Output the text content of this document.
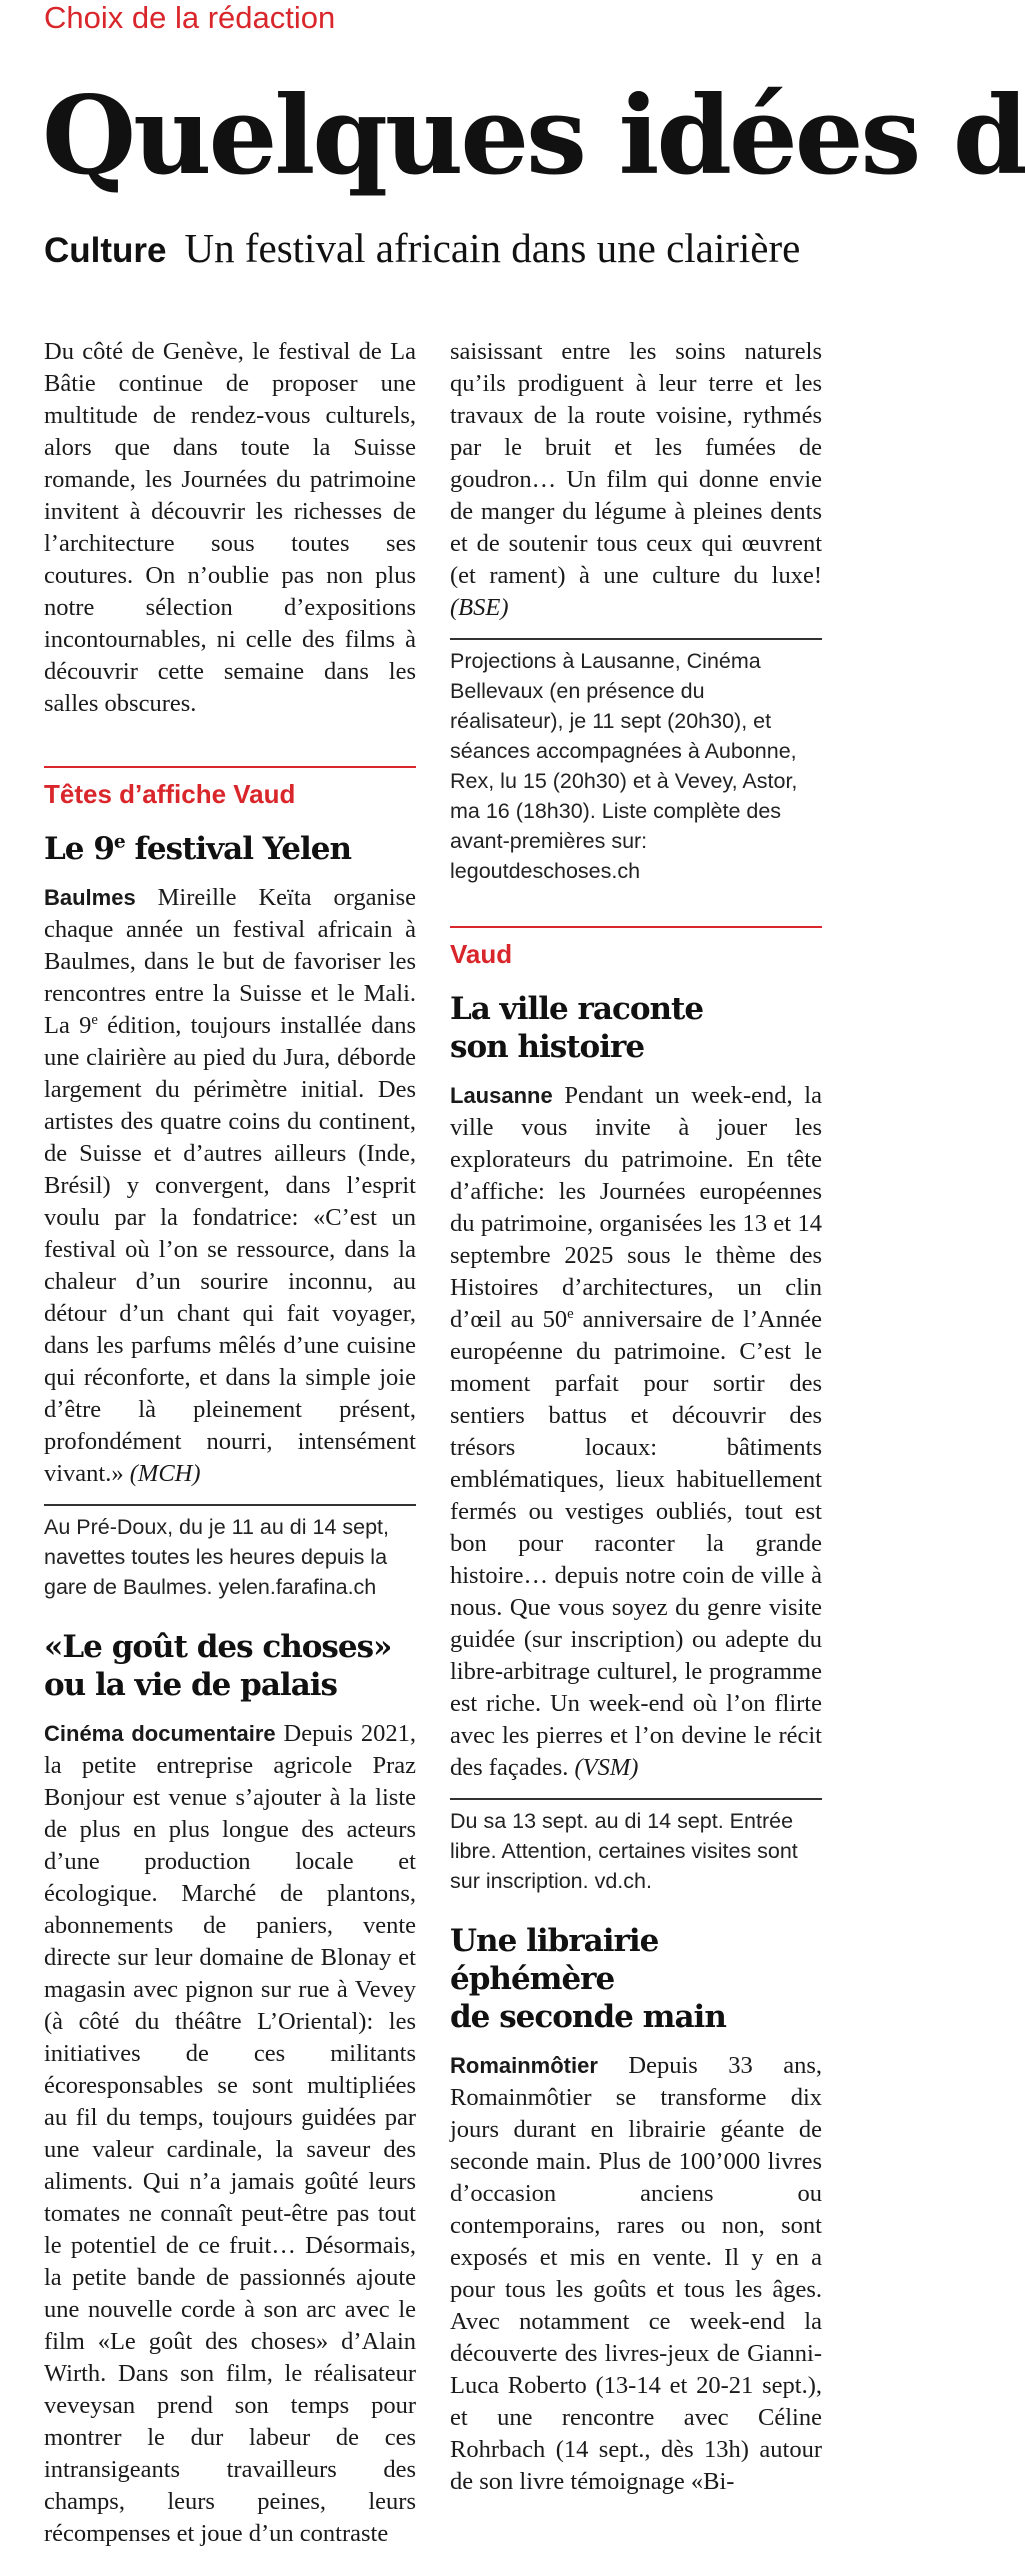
Choix de la rédaction
Quelques idées d
Culture Un festival africain dans une clairière

Du côté de Genève, le festival de La Bâtie continue de proposer une multitude de rendez-vous culturels, alors que dans toute la Suisse romande, les Journées du patrimoine invitent à découvrir les richesses de l’architecture sous toutes ses coutures. On n’oublie pas non plus notre sélection d’expositions incontournables, ni celle des films à découvrir cette semaine dans les salles obscures.

Têtes d’affiche Vaud
Le 9e festival Yelen

Baulmes Mireille Keïta organise chaque année un festival africain à Baulmes, dans le but de favoriser les rencontres entre la Suisse et le Mali. La 9e édition, toujours installée dans une clairière au pied du Jura, déborde largement du périmètre initial. Des artistes des quatre coins du continent, de Suisse et d’autres ailleurs (Inde, Brésil) y convergent, dans l’esprit voulu par la fondatrice: «C’est un festival où l’on se ressource, dans la chaleur d’un sourire inconnu, au détour d’un chant qui fait voyager, dans les parfums mêlés d’une cuisine qui réconforte, et dans la simple joie d’être là pleinement présent, profondément nourri, intensément vivant.» (MCH)

Au Pré-Doux, du je 11 au di 14 sept, navettes toutes les heures depuis la gare de Baulmes. yelen.farafina.ch
«Le goût des choses»
ou la vie de palais

Cinéma documentaire Depuis 2021, la petite entreprise agricole Praz Bonjour est venue s’ajouter à la liste de plus en plus longue des acteurs d’une production locale et écologique. Marché de plantons, abonnements de paniers, vente directe sur leur domaine de Blonay et magasin avec pignon sur rue à Vevey (à côté du théâtre L’Oriental): les initiatives de ces militants écoresponsables se sont multipliées au fil du temps, toujours guidées par une valeur cardinale, la saveur des aliments. Qui n’a jamais goûté leurs tomates ne connaît peut-être pas tout le potentiel de ce fruit… Désormais, la petite bande de passionnés ajoute une nouvelle corde à son arc avec le film «Le goût des choses» d’Alain Wirth. Dans son film, le réalisateur veveysan prend son temps pour montrer le dur labeur de ces intransigeants travailleurs des champs, leurs peines, leurs récompenses et joue d’un contraste

saisissant entre les soins naturels qu’ils prodiguent à leur terre et les travaux de la route voisine, rythmés par le bruit et les fumées de goudron… Un film qui donne envie de manger du légume à pleines dents et de soutenir tous ceux qui œuvrent (et rament) à une culture du luxe! (BSE)

Projections à Lausanne, Cinéma Bellevaux (en présence du réalisateur), je 11 sept (20h30), et séances accompagnées à Aubonne, Rex, lu 15 (20h30) et à Vevey, Astor, ma 16 (18h30). Liste complète des avant-premières sur: legoutdeschoses.ch
Vaud
La ville raconte
son histoire

Lausanne Pendant un week-end, la ville vous invite à jouer les explorateurs du patrimoine. En tête d’affiche: les Journées européennes du patrimoine, organisées les 13 et 14 septembre 2025 sous le thème des Histoires d’architectures, un clin d’œil au 50e anniversaire de l’Année européenne du patrimoine. C’est le moment parfait pour sortir des sentiers battus et découvrir des trésors locaux: bâtiments emblématiques, lieux habituellement fermés ou vestiges oubliés, tout est bon pour raconter la grande histoire… depuis notre coin de ville à nous. Que vous soyez du genre visite guidée (sur inscription) ou adepte du libre-arbitrage culturel, le programme est riche. Un week-end où l’on flirte avec les pierres et l’on devine le récit des façades. (VSM)

Du sa 13 sept. au di 14 sept. Entrée libre. Attention, certaines visites sont sur inscription. vd.ch.
Une librairie éphémère
de seconde main

Romainmôtier Depuis 33 ans, Romainmôtier se transforme dix jours durant en librairie géante de seconde main. Plus de 100’000 livres d’occasion anciens ou contemporains, rares ou non, sont exposés et mis en vente. Il y en a pour tous les goûts et tous les âges. Avec notamment ce week-end la découverte des livres-jeux de Gianni-Luca Roberto (13-14 et 20-21 sept.), et une rencontre avec Céline Rohrbach (14 sept., dès 13h) autour de son livre témoignage «Bi-
